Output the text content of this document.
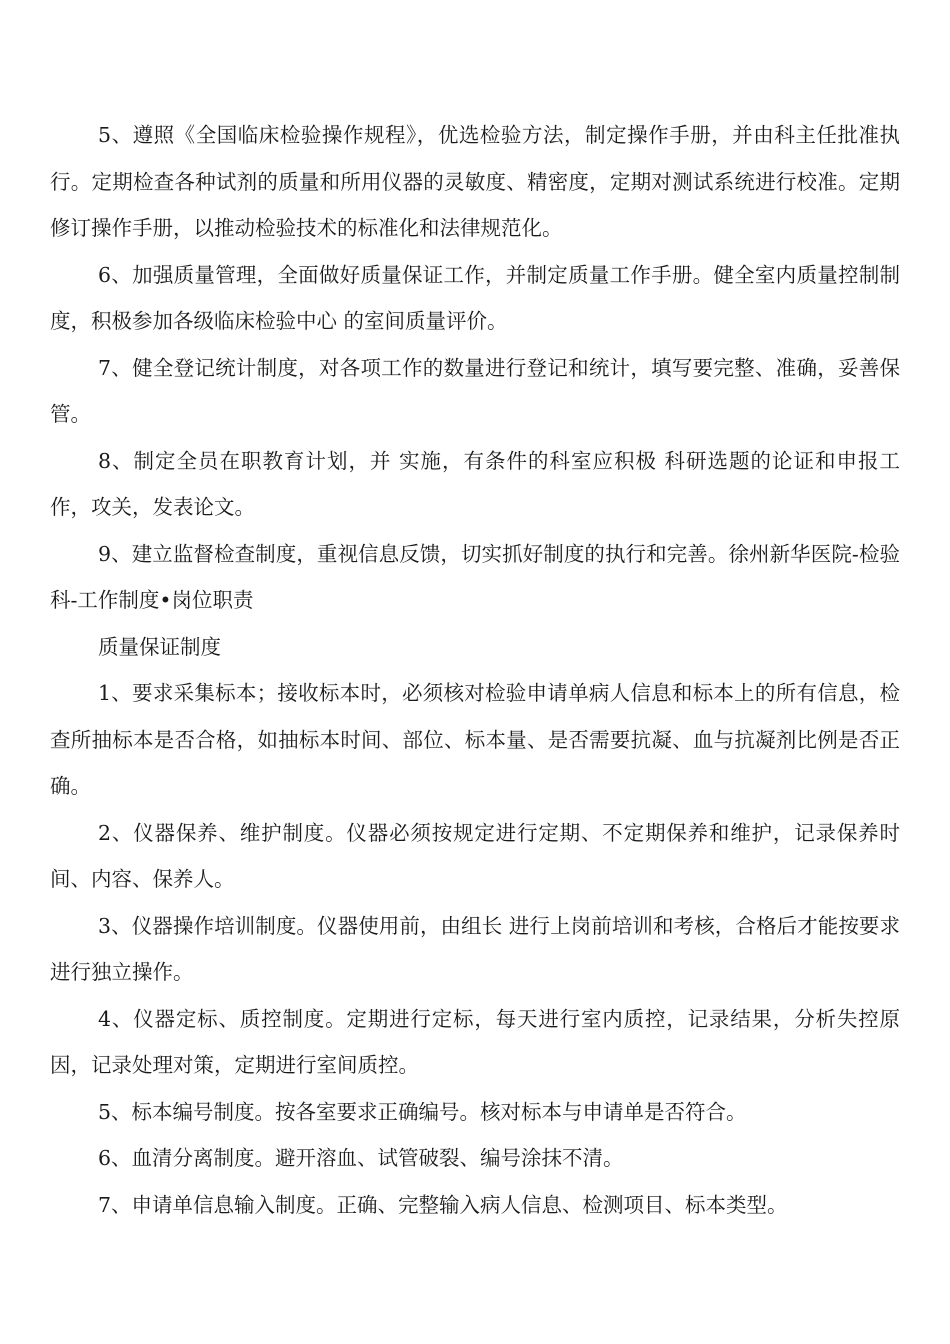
5、遵照《全国临床检验操作规程》，优选检验方法，制定操作手册，并由科主任批准执行。定期检查各种试剂的质量和所用仪器的灵敏度、精密度，定期对测试系统进行校准。定期修订操作手册，以推动检验技术的标准化和法律规范化。

6、加强质量管理，全面做好质量保证工作，并制定质量工作手册。健全室内质量控制制度，积极参加各级临床检验中心 的室间质量评价。

7、健全登记统计制度，对各项工作的数量进行登记和统计，填写要完整、准确，妥善保管。

8、制定全员在职教育计划，并 实施，有条件的科室应积极 科研选题的论证和申报工作，攻关，发表论文。

9、建立监督检查制度，重视信息反馈，切实抓好制度的执行和完善。徐州新华医院-检验科-工作制度•岗位职责

质量保证制度

1、要求采集标本；接收标本时，必须核对检验申请单病人信息和标本上的所有信息，检查所抽标本是否合格，如抽标本时间、部位、标本量、是否需要抗凝、血与抗凝剂比例是否正确。

2、仪器保养、维护制度。仪器必须按规定进行定期、不定期保养和维护，记录保养时间、内容、保养人。

3、仪器操作培训制度。仪器使用前，由组长 进行上岗前培训和考核，合格后才能按要求进行独立操作。

4、仪器定标、质控制度。定期进行定标，每天进行室内质控，记录结果，分析失控原因，记录处理对策，定期进行室间质控。

5、标本编号制度。按各室要求正确编号。核对标本与申请单是否符合。

6、血清分离制度。避开溶血、试管破裂、编号涂抹不清。

7、申请单信息输入制度。正确、完整输入病人信息、检测项目、标本类型。
